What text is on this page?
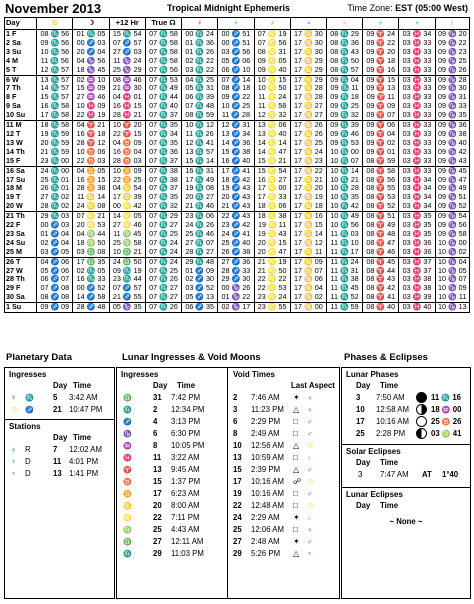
November 2013	Tropical Midnight Ephemeris	Time Zone: EST (05:00 West)
Day	☉	☽	+12 Hr	True ☊	☿	♀	♂	♃	♄	♅	♆	♇
1 F	08 ♏ 56	01 ♏ 05	15 ♏ 54	07 ♏ 58	00 ♏ 24	00 ♐ 51	07 ♌ 19	17 ♋ 30	08 ♏ 29	09 ♈ 24	03 ♓ 34	09 ♑ 20
2 Sa	09 ♏ 56	00 ♐ 03	07 ♐ 57	07 ♏ 58	01 ♏ 36	00 ♐ 51	07 ♌ 56	17 ♋ 30	08 ♏ 36	09 ♈ 22	03 ♓ 33	09 ♑ 22
3 Su	10 ♏ 56	20 ♐ 04	27 ♐ 03	07 ♏ 58	01 ♏ 26	03 ♐ 56	08 ♌ 31	17 ♋ 30	08 ♏ 43	09 ♈ 20	03 ♓ 33	09 ♑ 23
4 M	11 ♏ 56	04 ♑ 56	11 ♑ 24	07 ♏ 58	02 ♏ 22	05 ♐ 06	09 ♌ 05	17 ♋ 29	08 ♏ 50	09 ♈ 18	03 ♓ 33	09 ♑ 25
5 T	12 ♏ 57	18 ♑ 45	25 ♑ 29	07 ♏ 56	03 ♏ 22	06 ♐ 10	09 ♌ 40	17 ♋ 29	08 ♏ 57	09 ♈ 16	03 ♓ 33	09 ♑ 26
6 W	13 ♏ 57	02 ♒ 10	08 ♒ 46	07 ♏ 53	04 ♏ 25	07 ♐ 14	10 ♌ 15	17 ♋ 29	09 ♏ 04	09 ♈ 15	03 ♓ 33	09 ♑ 28
7 Th	14 ♏ 57	15 ♒ 09	21 ♒ 30	07 ♏ 49	05 ♏ 31	08 ♐ 18	10 ♌ 50	17 ♋ 28	09 ♏ 11	09 ♈ 13	03 ♓ 33	09 ♑ 30
8 F	15 ♏ 57	27 ♒ 46	04 ♓ 01	07 ♏ 44	06 ♏ 39	09 ♐ 22	11 ♌ 24	17 ♋ 28	09 ♏ 18	09 ♈ 11	03 ♓ 33	09 ♑ 31
9 Sa	16 ♏ 58	10 ♓ 09	16 ♓ 15	07 ♏ 40	07 ♏ 48	10 ♐ 25	11 ♌ 58	17 ♋ 27	09 ♏ 25	09 ♈ 09	03 ♓ 33	09 ♑ 33
10 Su	17 ♏ 58	22 ♓ 19	28 ♓ 21	07 ♏ 37	08 ♏ 59	11 ♐ 28	12 ♌ 32	17 ♋ 27	09 ♏ 32	09 ♈ 07	03 ♓ 33	09 ♑ 35
11 M	18 ♏ 58	04 ♈ 21	10 ♈ 20	07 ♏ 35	10 ♏ 12	12 ♐ 31	13 ♌ 06	17 ♋ 26	09 ♏ 39	09 ♈ 06	03 ♓ 33	09 ♑ 36
12 T	19 ♏ 59	16 ♈ 18	22 ♈ 15	07 ♏ 34	11 ♏ 26	13 ♐ 34	13 ♌ 40	17 ♋ 26	09 ♏ 46	09 ♈ 04	03 ♓ 33	09 ♑ 38
13 W	20 ♏ 59	28 ♈ 12	04 ♉ 09	07 ♏ 35	12 ♏ 41	14 ♐ 36	14 ♌ 14	17 ♋ 25	09 ♏ 53	09 ♈ 02	03 ♓ 33	09 ♑ 40
14 Th	21 ♏ 59	10 ♉ 06	16 ♉ 04	07 ♏ 36	13 ♏ 57	15 ♐ 38	14 ♌ 47	17 ♋ 24	10 ♏ 00	09 ♈ 01	03 ♓ 33	09 ♑ 42
15 F	23 ♏ 00	22 ♉ 03	28 ♉ 03	07 ♏ 37	15 ♏ 14	16 ♐ 40	15 ♌ 21	17 ♋ 23	10 ♏ 07	08 ♈ 59	03 ♓ 33	09 ♑ 43
16 Sa	24 ♏ 00	04 ♊ 05	10 ♊ 09	07 ♏ 38	16 ♏ 31	17 ♐ 41	15 ♌ 54	17 ♋ 22	10 ♏ 14	08 ♈ 58	03 ♓ 33	09 ♑ 45
17 Su	25 ♏ 01	16 ♊ 15	22 ♊ 25	07 ♏ 38	17 ♏ 49	18 ♐ 42	16 ♌ 27	17 ♋ 21	10 ♏ 21	08 ♈ 56	03 ♓ 34	09 ♑ 47
18 M	26 ♏ 01	28 ♊ 38	04 ♋ 54	07 ♏ 37	19 ♏ 08	19 ♐ 43	17 ♌ 00	17 ♋ 20	10 ♏ 28	08 ♈ 55	03 ♓ 34	09 ♑ 49
19 T	27 ♏ 02	11 ♋ 14	17 ♋ 39	07 ♏ 35	20 ♏ 27	20 ♐ 43	17 ♌ 33	17 ♋ 19	10 ♏ 35	08 ♈ 53	03 ♓ 34	09 ♑ 51
20 W	28 ♏ 02	24 ♋ 08	00 ♌ 42	07 ♏ 32	21 ♏ 46	21 ♐ 43	18 ♌ 06	17 ♋ 18	10 ♏ 42	08 ♈ 52	03 ♓ 34	09 ♑ 52
21 Th	29 ♏ 03	07 ♌ 21	14 ♌ 05	07 ♏ 29	23 ♏ 06	22 ♐ 43	18 ♌ 38	17 ♋ 16	10 ♏ 49	08 ♈ 51	03 ♓ 35	09 ♑ 54
22 F	00 ♐ 03	20 ♌ 53	27 ♌ 46	07 ♏ 27	24 ♏ 26	23 ♐ 42	19 ♌ 11	17 ♋ 15	10 ♏ 56	08 ♈ 49	03 ♓ 35	09 ♑ 56
23 Sa	01 ♐ 04	04 ♍ 44	11 ♍ 45	07 ♏ 25	25 ♏ 46	24 ♐ 41	19 ♌ 43	17 ♋ 14	11 ♏ 03	08 ♈ 48	03 ♓ 35	09 ♑ 58
24 Su	02 ♐ 04	18 ♍ 50	25 ♍ 58	07 ♏ 24	27 ♏ 07	25 ♐ 40	20 ♌ 15	17 ♋ 12	11 ♏ 10	08 ♈ 47	03 ♓ 36	10 ♑ 00
25 M	03 ♐ 05	03 ♎ 08	10 ♎ 21	07 ♏ 24	28 ♏ 27	26 ♐ 38	20 ♌ 47	17 ♋ 11	11 ♏ 17	08 ♈ 46	03 ♓ 36	10 ♑ 02
26 T	04 ♐ 06	17 ♎ 35	24 ♎ 50	07 ♏ 24	29 ♏ 48	27 ♐ 36	21 ♌ 19	17 ♋ 09	11 ♏ 24	08 ♈ 45	03 ♓ 37	10 ♑ 04
27 W	05 ♐ 06	02 ♏ 05	09 ♏ 19	07 ♏ 25	01 ♐ 09	28 ♐ 33	21 ♌ 50	17 ♋ 07	11 ♏ 31	08 ♈ 44	03 ♓ 37	10 ♑ 05
28 Th	06 ♐ 07	16 ♏ 33	23 ♏ 44	07 ♏ 26	02 ♐ 30	29 ♐ 30	22 ♌ 22	17 ♋ 06	11 ♏ 38	08 ♈ 43	03 ♓ 38	10 ♑ 07
29 F	07 ♐ 08	00 ♐ 52	07 ♐ 57	07 ♏ 27	03 ♐ 52	00 ♑ 26	22 ♌ 53	17 ♋ 04	11 ♏ 45	08 ♈ 42	03 ♓ 38	10 ♑ 09
30 Sa	08 ♐ 08	14 ♐ 58	21 ♐ 55	07 ♏ 27	05 ♐ 13	01 ♑ 22	23 ♌ 24	17 ♋ 02	11 ♏ 52	08 ♈ 41	03 ♓ 39	10 ♑ 11
1 Su	09 ♐ 09	28 ♐ 48	05 ♑ 35	07 ♏ 26	06 ♐ 35	02 ♑ 17	23 ♌ 55	17 ♋ 00	11 ♏ 59	08 ♈ 40	03 ♓ 40	10 ♑ 13
Planetary Data	Lunar Ingresses & Void Moons	Phases & Eclipses
Ingresses
Day Time
☿	♏	5	3:42 AM
☉	♐	21 10:47 PM
Stations
Day Time
♅	R	7	12:02 AM
♆	D	11 4:01 PM
♆	D	13 1:41 PM
Ingresses
Day	Time
♎	31	7:42 PM
♏	2	12:34 PM
♐	4	3:13 PM
♑	6	6:30 PM
♒	8	10:05 PM
♓	11	3:22 AM
♈	13	9:45 AM
♉	15	1:37 PM
♊	17	6:23 AM
♋	20	8:00 AM
♌	22	7:11 PM
♍	25	4:43 AM
♎	27	12:11 AM
♏	29	11:03 PM
Void Times
Last Aspect
2	7:46 AM	✶	♃
3	11:23 PM	△	♃
6	2:29 PM	□	♂
8	2:49 AM	□	♂
10	12:56 AM	△	☉
13	10:59 AM	□	♄
15	2:39 PM	△	♂
17	10:16 AM	☍ ☉
19	10:16 AM	□	♂
22	12:48 AM	□	☉
24	2:29 AM	✶	♄
25	12:06 AM	□	♃
27	2:48 AM	✶	♂
29	5:26 PM	△	♆
Lunar Phases
Day	Time
3	7:50 AM	11 ♏ 16
10	12:58 AM	18 ♒ 00
17	10:16 AM	25 ♉ 26
25	2:28 PM	03 ♍ 41
Solar Eclipses
Day	Time
3	7:47 AM	AT	1°40
Lunar Eclipses
Day	Time
~ None ~
